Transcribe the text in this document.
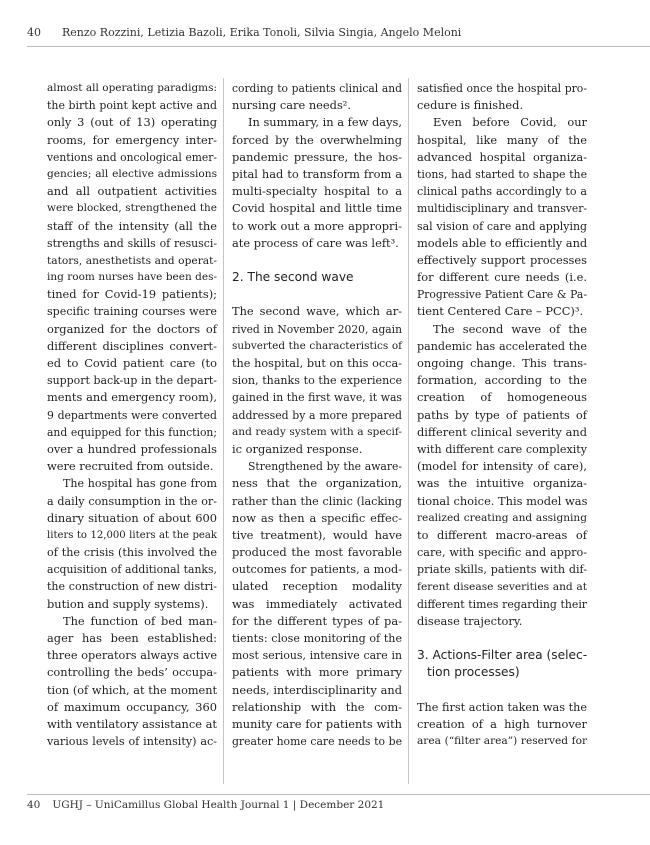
40 Renzo Rozzini, Letizia Bazoli, Erika Tonoli, Silvia Singia, Angelo Meloni
almost all operating paradigms:
the birth point kept active and
only 3 (out of 13) operating
rooms, for emergency inter-
ventions and oncological emer-
gencies; all elective admissions
and all outpatient activities
were blocked, strengthened the
staff of the intensity (all the
strengths and skills of resusci-
tators, anesthetists and operat-
ing room nurses have been des-
tined for Covid-19 patients);
specific training courses were
organized for the doctors of
different disciplines convert-
ed to Covid patient care (to
support back-up in the depart-
ments and emergency room),
9 departments were converted
and equipped for this function;
over a hundred professionals
were recruited from outside.
The hospital has gone from
a daily consumption in the or-
dinary situation of about 600
liters to 12,000 liters at the peak
of the crisis (this involved the
acquisition of additional tanks,
the construction of new distri-
bution and supply systems).
The function of bed man-
ager has been established:
three operators always active
controlling the beds’ occupa-
tion (of which, at the moment
of maximum occupancy, 360
with ventilatory assistance at
various levels of intensity) ac-
cording to patients clinical and
nursing care needs².
In summary, in a few days,
forced by the overwhelming
pandemic pressure, the hos-
pital had to transform from a
multi-specialty hospital to a
Covid hospital and little time
to work out a more appropri-
ate process of care was left³.
2. The second wave
The second wave, which ar-
rived in November 2020, again
subverted the characteristics of
the hospital, but on this occa-
sion, thanks to the experience
gained in the first wave, it was
addressed by a more prepared
and ready system with a specif-
ic organized response.
Strengthened by the aware-
ness that the organization,
rather than the clinic (lacking
now as then a specific effec-
tive treatment), would have
produced the most favorable
outcomes for patients, a mod-
ulated reception modality
was immediately activated
for the different types of pa-
tients: close monitoring of the
most serious, intensive care in
patients with more primary
needs, interdisciplinarity and
relationship with the com-
munity care for patients with
greater home care needs to be
satisfied once the hospital pro-
cedure is finished.
Even before Covid, our
hospital, like many of the
advanced hospital organiza-
tions, had started to shape the
clinical paths accordingly to a
multidisciplinary and transver-
sal vision of care and applying
models able to efficiently and
effectively support processes
for different cure needs (i.e.
Progressive Patient Care & Pa-
tient Centered Care – PCC)³.
The second wave of the
pandemic has accelerated the
ongoing change. This trans-
formation, according to the
creation of homogeneous
paths by type of patients of
different clinical severity and
with different care complexity
(model for intensity of care),
was the intuitive organiza-
tional choice. This model was
realized creating and assigning
to different macro-areas of
care, with specific and appro-
priate skills, patients with dif-
ferent disease severities and at
different times regarding their
disease trajectory.
3. Actions-Filter area (selec-
tion processes)
The first action taken was the
creation of a high turnover
area (“filter area”) reserved for
40 UGHJ – UniCamillus Global Health Journal 1 | December 2021
